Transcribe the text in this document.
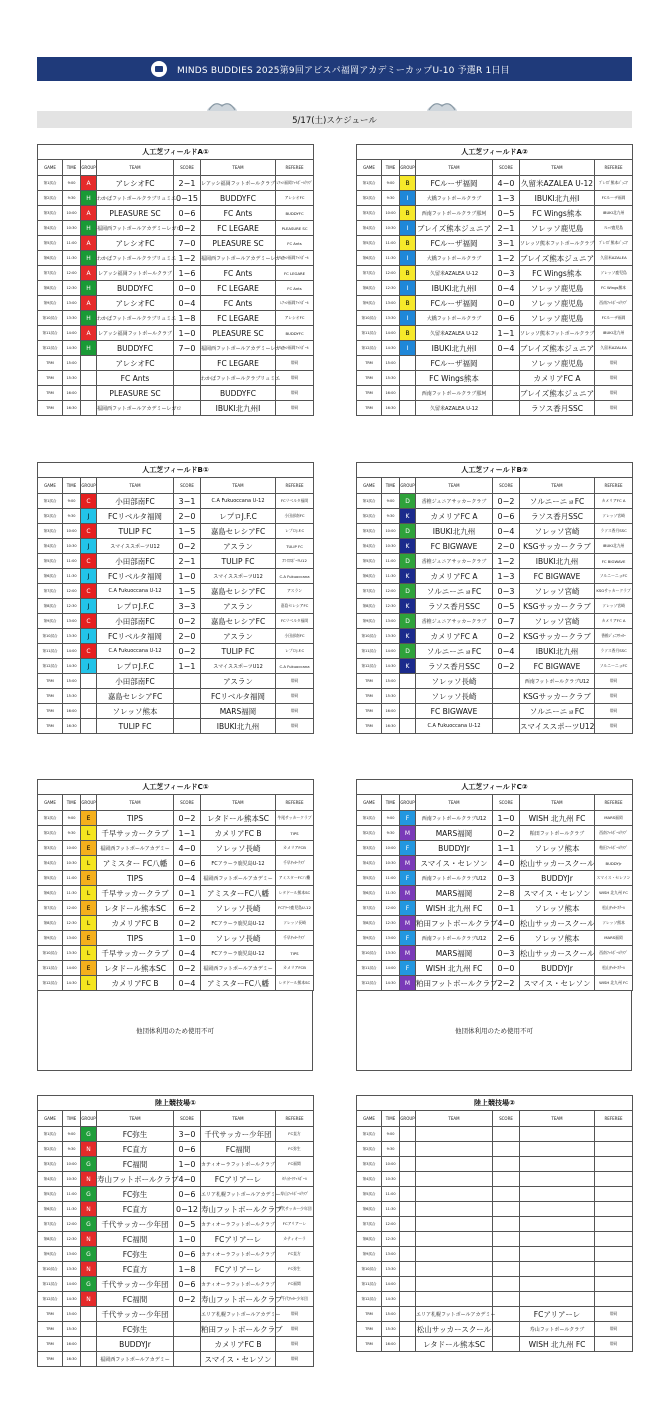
MINDS BUDDIES 2025第9回アビスパ福岡アカデミーカップU-10 予選R 1日目
5/17(土)スケジュール
人工芝フィールドA①						
GAME	TIME	GROUP	TEAM	SCORE	TEAM	REFEREE
第1試合	9:00	A	アレシオFC	2−1	レアッシ福岡フットボールクラブ	ﾚｱｯｼ福岡ﾌｯﾄﾎﾞｰﾙｸﾗﾌﾞ
第2試合	9:30	H	わかばフットボールクラブリュミエ	0−15	BUDDYFC	アレシオFC
第3試合	10:00	A	PLEASURE SC	0−6	FC Ants	BUDDYFC
第4試合	10:30	H	福岡西フットボールアカデミーレガロ	0−2	FC LEGARE	PLEASURE SC
第5試合	11:00	A	アレシオFC	7−0	PLEASURE SC	FC Ants
第6試合	11:30	H	わかばフットボールクラブリュミエ	1−2	福岡西フットボールアカデミーレガロ	ﾚｱｯｼ福岡ﾌｯﾄﾎﾞｰﾙ
第7試合	12:00	A	レアッシ福岡フットボールクラブ	1−6	FC Ants	FC LEGARE
第8試合	12:30	H	BUDDYFC	0−0	FC LEGARE	FC Ants
第9試合	13:00	A	アレシオFC	0−4	FC Ants	ﾚｱｯｼ福岡ﾌｯﾄﾎﾞｰﾙ
第10試合	13:30	H	わかばフットボールクラブリュミエ	1−8	FC LEGARE	アレシオFC
第11試合	14:00	A	レアッシ福岡フットボールクラブ	1−0	PLEASURE SC	BUDDYFC
第12試合	14:30	H	BUDDYFC	7−0	福岡西フットボールアカデミーレガロ	ﾚｱｯｼ福岡ﾌｯﾄﾎﾞｰﾙ
TRM	15:00		アレシオFC		FC LEGARE	帯同
TRM	15:30		FC Ants		わかばフットボールクラブリュミエ	帯同
TRM	16:00		PLEASURE SC		BUDDYFC	帯同
TRM	16:30		福岡西フットボールアカデミーレガロ		IBUKI北九州Ⅰ	帯同
人工芝フィールドA②						
GAME	TIME	GROUP	TEAM	SCORE	TEAM	REFEREE
第1試合	9:00	B	FCルーザ福岡	4−0	久留米AZALEA U-12	ﾌﾞﾚｲｽﾞ熊本ｼﾞｭﾆｱ
第2試合	9:30	I	大橋フットボールクラブ	1−3	IBUKI北九州Ⅰ	FCルーザ福岡
第3試合	10:00	B	西南フットボールクラブ那珂	0−5	FC Wings熊本	IBUKI北九州
第4試合	10:30	I	ブレイズ熊本ジュニア	2−1	ソレッソ鹿児島	ｿﾚｯｿ鹿児島
第5試合	11:00	B	FCルーザ福岡	3−1	ソレッソ熊本フットボールクラブ	ﾌﾞﾚｲｽﾞ熊本ｼﾞｭﾆｱ
第6試合	11:30	I	大橋フットボールクラブ	1−2	ブレイズ熊本ジュニア	久留米AZALEA
第7試合	12:00	B	久留米AZALEA U-12	0−3	FC Wings熊本	ソレッソ鹿児島
第8試合	12:30	I	IBUKI北九州Ⅰ	0−4	ソレッソ鹿児島	FC Wings熊本
第9試合	13:00	B	FCルーザ福岡	0−0	ソレッソ鹿児島	西南ﾌｯﾄﾎﾞｰﾙｸﾗﾌﾞ
第10試合	13:30	I	大橋フットボールクラブ	0−6	ソレッソ鹿児島	FCルーザ福岡
第11試合	14:00	B	久留米AZALEA U-12	1−1	ソレッソ熊本フットボールクラブ	IBUKI北九州
第12試合	14:30	I	IBUKI北九州Ⅰ	0−4	ブレイズ熊本ジュニア	久留米AZALEA
TRM	15:00		FCルーザ福岡		ソレッソ鹿児島	帯同
TRM	15:30		FC Wings熊本		カメリアFC A	帯同
TRM	16:00		西南フットボールクラブ那珂		ブレイズ熊本ジュニア	帯同
TRM	16:30		久留米AZALEA U-12		ラソス香月SSC	帯同
人工芝フィールドB①						
GAME	TIME	GROUP	TEAM	SCORE	TEAM	REFEREE
第1試合	9:00	C	小田部南FC	3−1	C.A Fukuoccana U-12	FCリベルタ福岡
第2試合	9:30	J	FCリベルタ福岡	2−0	レプロJ.F.C	小田部南FC
第3試合	10:00	C	TULIP FC	1−5	嘉島セレシアFC	レプロJ.F.C
第4試合	10:30	J	スマイススポーツU12	0−2	アスラン	TULIP FC
第5試合	11:00	C	小田部南FC	2−1	TULIP FC	ｽﾏｲｽｽﾎﾟｰﾂU12
第6試合	11:30	J	FCリベルタ福岡	1−0	スマイススポーツU12	C.A Fukuoccana
第7試合	12:00	C	C.A Fukuoccana U-12	1−5	嘉島セレシアFC	アスラン
第8試合	12:30	J	レプロJ.F.C	3−3	アスラン	嘉島セレシアFC
第9試合	13:00	C	小田部南FC	0−2	嘉島セレシアFC	FCリベルタ福岡
第10試合	13:30	J	FCリベルタ福岡	2−0	アスラン	小田部南FC
第11試合	14:00	C	C.A Fukuoccana U-12	0−2	TULIP FC	レプロJ.F.C
第12試合	14:30	J	レプロJ.F.C	1−1	スマイススポーツU12	C.A Fukuoccana
TRM	15:00		小田部南FC		アスラン	帯同
TRM	15:30		嘉島セレシアFC		FCリベルタ福岡	帯同
TRM	16:00		ソレッソ熊本		MARS福岡	帯同
TRM	16:30		TULIP FC		IBUKI北九州	帯同
人工芝フィールドB②						
GAME	TIME	GROUP	TEAM	SCORE	TEAM	REFEREE
第1試合	9:00	D	香椎ジュニアサッカークラブ	0−2	ソルニーニョFC	カメリアFC A
第2試合	9:30	K	カメリアFC A	0−6	ラソス香月SSC	ソレッソ宮崎
第3試合	10:00	D	IBUKI北九州	0−4	ソレッソ宮崎	ラソス香月SSC
第4試合	10:30	K	FC BIGWAVE	2−0	KSGサッカークラブ	IBUKI北九州
第5試合	11:00	D	香椎ジュニアサッカークラブ	1−2	IBUKI北九州	FC BIGWAVE
第6試合	11:30	K	カメリアFC A	1−3	FC BIGWAVE	ソルニーニョFC
第7試合	12:00	D	ソルニーニョFC	0−3	ソレッソ宮崎	KSGサッカークラブ
第8試合	12:30	K	ラソス香月SSC	0−5	KSGサッカークラブ	ソレッソ宮崎
第9試合	13:00	D	香椎ジュニアサッカークラブ	0−7	ソレッソ宮崎	カメリアFC A
第10試合	13:30	K	カメリアFC A	0−2	KSGサッカークラブ	香椎ｼﾞｭﾆｱｻｯｶｰ
第11試合	14:00	D	ソルニーニョFC	0−4	IBUKI北九州	ラソス香月SSC
第12試合	14:30	K	ラソス香月SSC	0−2	FC BIGWAVE	ソルニーニョFC
TRM	15:00		ソレッソ長崎		西南フットボールクラブU12	帯同
TRM	15:30		ソレッソ長崎		KSGサッカークラブ	帯同
TRM	16:00		FC BIGWAVE		ソルニーニョFC	帯同
TRM	16:30		C.A Fukuoccana U-12		スマイススポーツU12	帯同
人工芝フィールドC①						
GAME	TIME	GROUP	TEAM	SCORE	TEAM	REFEREE
第1試合	9:00	E	TIPS	0−2	レタドール熊本SC	牛尾サッカークラブ
第2試合	9:30	L	千早サッカークラブ	1−1	カメリアFC B	TIPS
第3試合	10:00	E	福岡西フットボールアカデミー	4−0	ソレッソ長崎	カメリアFCB
第4試合	10:30	L	アミスター FC八幡	0−6	FCアラーラ鹿児島U-12	千早ｻｯｶｰｸﾗﾌﾞ
第5試合	11:00	E	TIPS	0−4	福岡西フットボールアカデミー	アミスターFC八幡
第6試合	11:30	L	千早サッカークラブ	0−1	アミスターFC八幡	レタドール熊本SC
第7試合	12:00	E	レタドール熊本SC	6−2	ソレッソ長崎	FCｱﾗｰﾗ鹿児島U-12
第8試合	12:30	L	カメリアFC B	0−2	FCアラーラ鹿児島U-12	ソレッソ長崎
第9試合	13:00	E	TIPS	1−0	ソレッソ長崎	千早ｻｯｶｰｸﾗﾌﾞ
第10試合	13:30	L	千早サッカークラブ	0−4	FCアラーラ鹿児島U-12	TIPS
第11試合	14:00	E	レタドール熊本SC	0−2	福岡西フットボールアカデミー	カメリアFCB
第12試合	14:30	L	カメリアFC B	0−4	アミスターFC八幡	レタドール熊本SC
他団体利用のため使用不可
人工芝フィールドC②						
GAME	TIME	GROUP	TEAM	SCORE	TEAM	REFEREE
第1試合	9:00	F	西南フットボールクラブU12	1−0	WISH 北九州 FC	MARS福岡
第2試合	9:30	M	MARS福岡	0−2	粕田フットボールクラブ	西南ﾌｯﾄﾎﾞｰﾙｸﾗﾌﾞ
第3試合	10:00	F	BUDDYJr	1−1	ソレッソ熊本	粕田ﾌｯﾄﾎﾞｰﾙｸﾗﾌﾞ
第4試合	10:30	M	スマイス・セレソン	4−0	松山サッカースクール	BUDDYJr
第5試合	11:00	F	西南フットボールクラブU12	0−3	BUDDYJr	スマイス・セレソン
第6試合	11:30	M	MARS福岡	2−8	スマイス・セレソン	WISH 北九州 FC
第7試合	12:00	F	WISH 北九州 FC	0−1	ソレッソ熊本	松山ｻｯｶｰｽｸｰﾙ
第8試合	12:30	M	粕田フットボールクラブ	4−0	松山サッカースクール	ソレッソ熊本
第9試合	13:00	F	西南フットボールクラブU12	2−6	ソレッソ熊本	MARS福岡
第10試合	13:30	M	MARS福岡	0−3	松山サッカースクール	西南ﾌｯﾄﾎﾞｰﾙｸﾗﾌﾞ
第11試合	14:00	F	WISH 北九州 FC	0−0	BUDDYJr	松山ｻｯｶｰｽｸｰﾙ
第12試合	14:30	M	粕田フットボールクラブ	2−2	スマイス・セレソン	WISH 北九州 FC
他団体利用のため使用不可
陸上競技場①						
GAME	TIME	GROUP	TEAM	SCORE	TEAM	REFEREE
第1試合	9:00	G	FC弥生	3−0	千代サッカー少年団	FC直方
第2試合	9:30	N	FC直方	0−6	FC福間	FC弥生
第3試合	10:00	G	FC福間	1−0	カティオーラフットボールクラブ	FC福間
第4試合	10:30	N	寿山フットボールクラブ	4−0	FCアリアーレ	ｶﾃｨｵｰﾗﾌｯﾄﾎﾞｰﾙ
第5試合	11:00	G	FC弥生	0−6	エリア札幌フットボールアカデミー	寿山ﾌｯﾄﾎﾞｰﾙｸﾗﾌﾞ
第6試合	11:30	N	FC直方	0−12	寿山フットボールクラブ	千代サッカー少年団
第7試合	12:00	G	千代サッカー少年団	0−5	カティオーラフットボールクラブ	FCアリアーレ
第8試合	12:30	N	FC福間	1−0	FCアリアーレ	カティオーラ
第9試合	13:00	G	FC弥生	0−6	カティオーラフットボールクラブ	FC直方
第10試合	13:30	N	FC直方	1−8	FCアリアーレ	FC弥生
第11試合	14:00	G	千代サッカー少年団	0−6	カティオーラフットボールクラブ	FC福間
第12試合	14:30	N	FC福間	0−2	寿山フットボールクラブ	千代ｻｯｶｰ少年団
TRM	15:00		千代サッカー少年団		エリア札幌フットボールアカデミー	帯同
TRM	15:30		FC弥生		粕田フットボールクラブ	帯同
TRM	16:00		BUDDYJr		カメリアFC B	帯同
TRM	16:30		福岡西フットボールアカデミー		スマイス・セレソン	帯同
陸上競技場②						
GAME	TIME	GROUP	TEAM	SCORE	TEAM	REFEREE
第1試合	9:00					
第2試合	9:30					
第3試合	10:00					
第4試合	10:30					
第5試合	11:00					
第6試合	11:30					
第7試合	12:00					
第8試合	12:30					
第9試合	13:00					
第10試合	13:30					
第11試合	14:00					
第12試合	14:30					
TRM	15:00		エリア札幌フットボールアカデミー		FCアリアーレ	帯同
TRM	15:30		松山サッカースクール		寿山フットボールクラブ	帯同
TRM	16:00		レタドール熊本SC		WISH 北九州 FC	帯同
